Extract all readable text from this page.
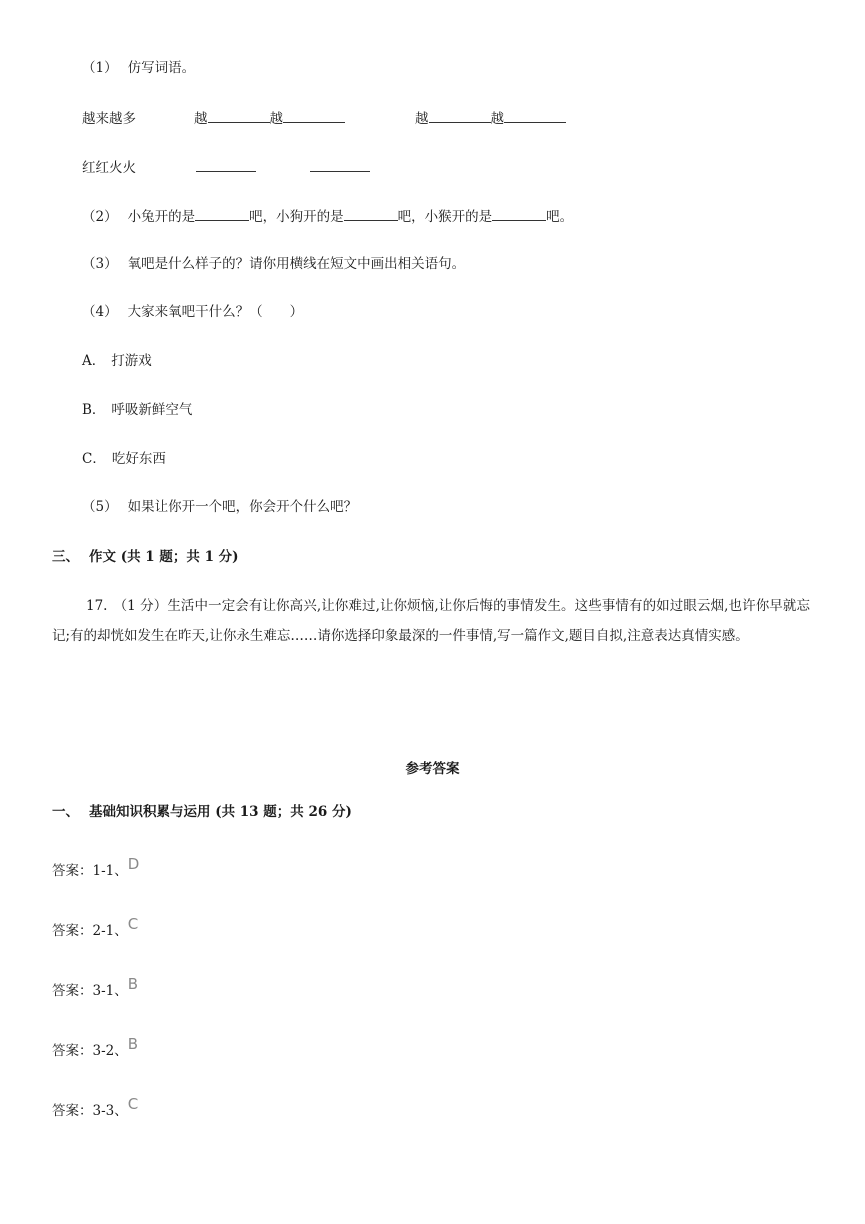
（1） 仿写词语。
越来越多	越	越	越	越
红红火火
（2） 小兔开的是	吧，小狗开的是	吧，小猴开的是	吧。
（3） 氧吧是什么样子的？请你用横线在短文中画出相关语句。
（4） 大家来氧吧干什么？（　　）
A． 打游戏
B． 呼吸新鲜空气
C． 吃好东西
（5） 如果让你开一个吧，你会开个什么吧？
三、 作文 (共 1 题；共 1 分)
17. （1 分）生活中一定会有让你高兴,让你难过,让你烦恼,让你后悔的事情发生。这些事情有的如过眼云烟,也许你早就忘记;有的却恍如发生在昨天,让你永生难忘……请你选择印象最深的一件事情,写一篇作文,题目自拟,注意表达真情实感。
参考答案
一、 基础知识积累与运用 (共 13 题；共 26 分)
答案：1-1、D
答案：2-1、C
答案：3-1、B
答案：3-2、B
答案：3-3、C
